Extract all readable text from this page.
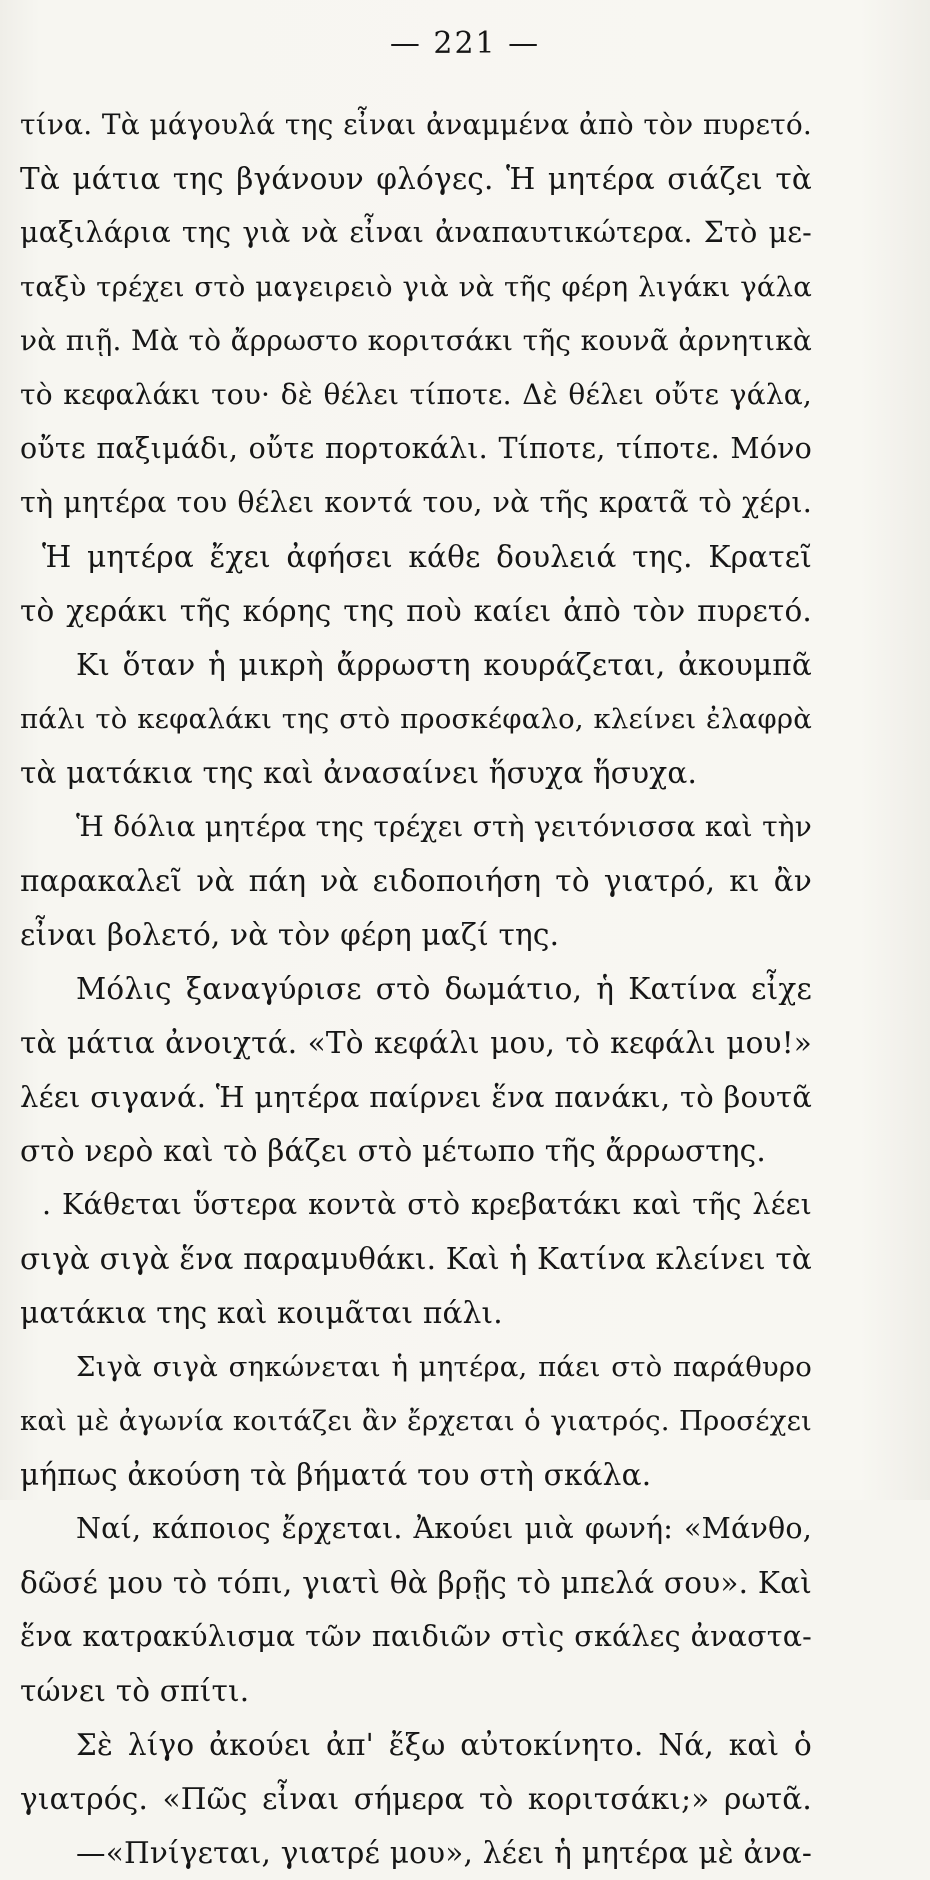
— 221 —
τίνα. Τὰ μάγουλά της εἶναι ἀναμμένα ἀπὸ τὸν πυρετό.
Τὰ μάτια της βγάνουν φλόγες. Ἡ μητέρα σιάζει τὰ
μαξιλάρια της γιὰ νὰ εἶναι ἀναπαυτικώτερα. Στὸ με-
ταξὺ τρέχει στὸ μαγειρειὸ γιὰ νὰ τῆς φέρη λιγάκι γάλα
νὰ πιῇ. Μὰ τὸ ἄρρωστο κοριτσάκι τῆς κουνᾶ ἀρνητικὰ
τὸ κεφαλάκι του· δὲ θέλει τίποτε. Δὲ θέλει οὔτε γάλα,
οὔτε παξιμάδι, οὔτε πορτοκάλι. Τίποτε, τίποτε. Μόνο
τὴ μητέρα του θέλει κοντά του, νὰ τῆς κρατᾶ τὸ χέρι.
Ἡ μητέρα ἔχει ἀφήσει κάθε δουλειά της. Κρατεῖ
τὸ χεράκι τῆς κόρης της ποὺ καίει ἀπὸ τὸν πυρετό.
Κι ὅταν ἡ μικρὴ ἄρρωστη κουράζεται, ἀκουμπᾶ
πάλι τὸ κεφαλάκι της στὸ προσκέφαλο, κλείνει ἐλαφρὰ
τὰ ματάκια της καὶ ἀνασαίνει ἥσυχα ἥσυχα.
Ἡ δόλια μητέρα της τρέχει στὴ γειτόνισσα καὶ τὴν
παρακαλεῖ νὰ πάη νὰ ειδοποιήση τὸ γιατρό, κι ἂν
εἶναι βολετό, νὰ τὸν φέρη μαζί της.
Μόλις ξαναγύρισε στὸ δωμάτιο, ἡ Κατίνα εἶχε
τὰ μάτια ἀνοιχτά. «Τὸ κεφάλι μου, τὸ κεφάλι μου!»
λέει σιγανά. Ἡ μητέρα παίρνει ἕνα πανάκι, τὸ βουτᾶ
στὸ νερὸ καὶ τὸ βάζει στὸ μέτωπο τῆς ἄρρωστης.
. Κάθεται ὕστερα κοντὰ στὸ κρεβατάκι καὶ τῆς λέει
σιγὰ σιγὰ ἕνα παραμυθάκι. Καὶ ἡ Κατίνα κλείνει τὰ
ματάκια της καὶ κοιμᾶται πάλι.
Σιγὰ σιγὰ σηκώνεται ἡ μητέρα, πάει στὸ παράθυρο
καὶ μὲ ἀγωνία κοιτάζει ἂν ἔρχεται ὁ γιατρός. Προσέχει
μήπως ἀκούση τὰ βήματά του στὴ σκάλα.
Ναί, κάποιος ἔρχεται. Ἀκούει μιὰ φωνή: «Μάνθο,
δῶσέ μου τὸ τόπι, γιατὶ θὰ βρῇς τὸ μπελά σου». Καὶ
ἕνα κατρακύλισμα τῶν παιδιῶν στὶς σκάλες ἀναστα-
τώνει τὸ σπίτι.
Σὲ λίγο ἀκούει ἀπ' ἔξω αὐτοκίνητο. Νά, καὶ ὁ
γιατρός. «Πῶς εἶναι σήμερα τὸ κοριτσάκι;» ρωτᾶ.
—«Πνίγεται, γιατρέ μου», λέει ἡ μητέρα μὲ ἀνα-
